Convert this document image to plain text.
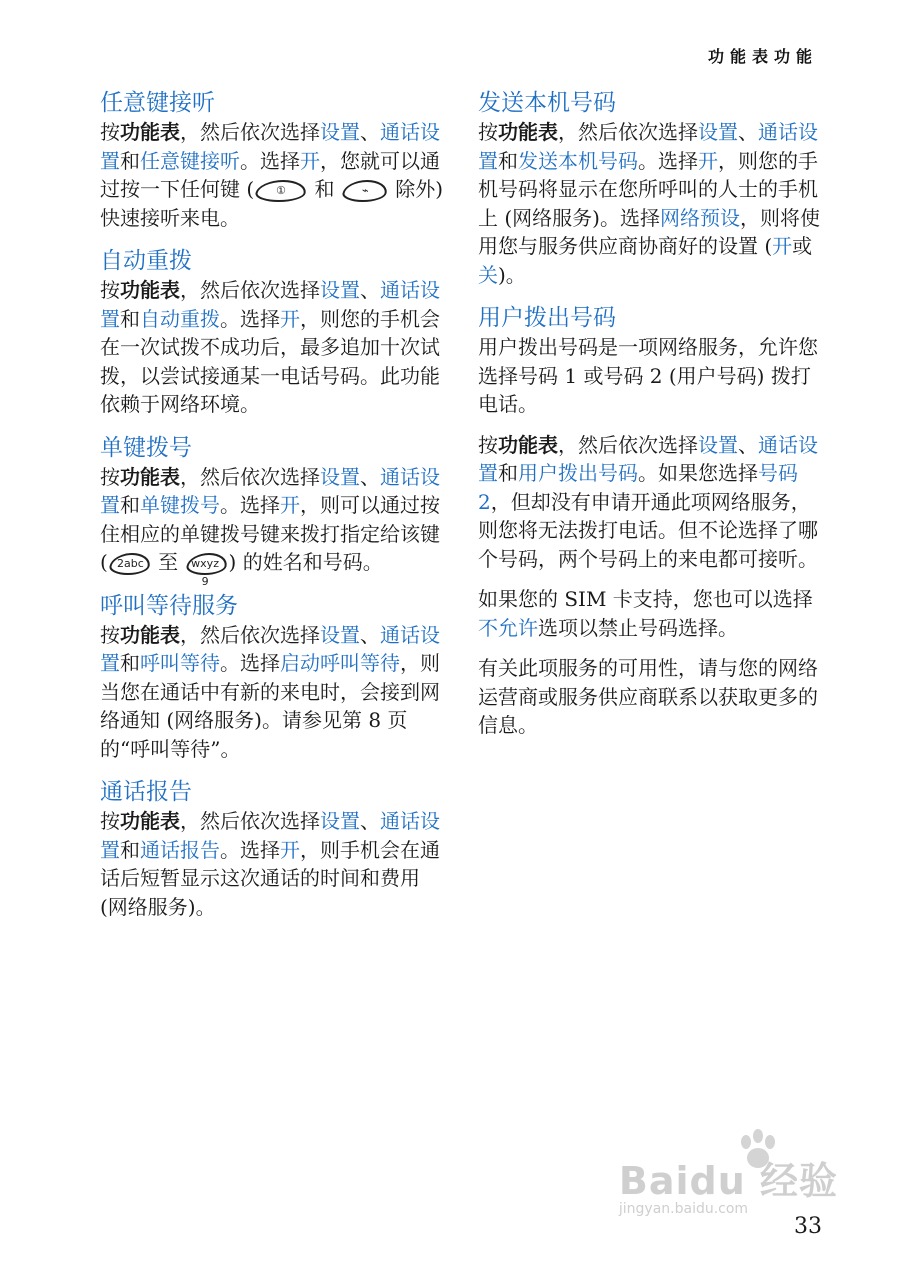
功能表功能
任意键接听

按功能表，然后依次选择设置、通话设置和任意键接听。选择开，您就可以通过按一下任何键 ( ① 和 ⌁ 除外) 快速接听来电。

自动重拨

按功能表，然后依次选择设置、通话设置和自动重拨。选择开，则您的手机会在一次试拨不成功后，最多追加十次试拨，以尝试接通某一电话号码。此功能依赖于网络环境。

单键拨号

按功能表，然后依次选择设置、通话设置和单键拨号。选择开，则可以通过按住相应的单键拨号键来拨打指定给该键 ( 2abc 至 wxyz 9) 的姓名和号码。

呼叫等待服务

按功能表，然后依次选择设置、通话设置和呼叫等待。选择启动呼叫等待，则当您在通话中有新的来电时，会接到网络通知 (网络服务)。请参见第 8 页的“呼叫等待”。

通话报告

按功能表，然后依次选择设置、通话设置和通话报告。选择开，则手机会在通话后短暂显示这次通话的时间和费用 (网络服务)。

发送本机号码

按功能表，然后依次选择设置、通话设置和发送本机号码。选择开，则您的手机号码将显示在您所呼叫的人士的手机上 (网络服务)。选择网络预设，则将使用您与服务供应商协商好的设置 (开或关)。

用户拨出号码

用户拨出号码是一项网络服务，允许您选择号码 1 或号码 2 (用户号码) 拨打电话。

按功能表，然后依次选择设置、通话设置和用户拨出号码。如果您选择号码 2，但却没有申请开通此项网络服务，则您将无法拨打电话。但不论选择了哪个号码，两个号码上的来电都可接听。

如果您的 SIM 卡支持，您也可以选择不允许选项以禁止号码选择。

有关此项服务的可用性，请与您的网络运营商或服务供应商联系以获取更多的信息。

Baidu 经验
jingyan.baidu.com
33
